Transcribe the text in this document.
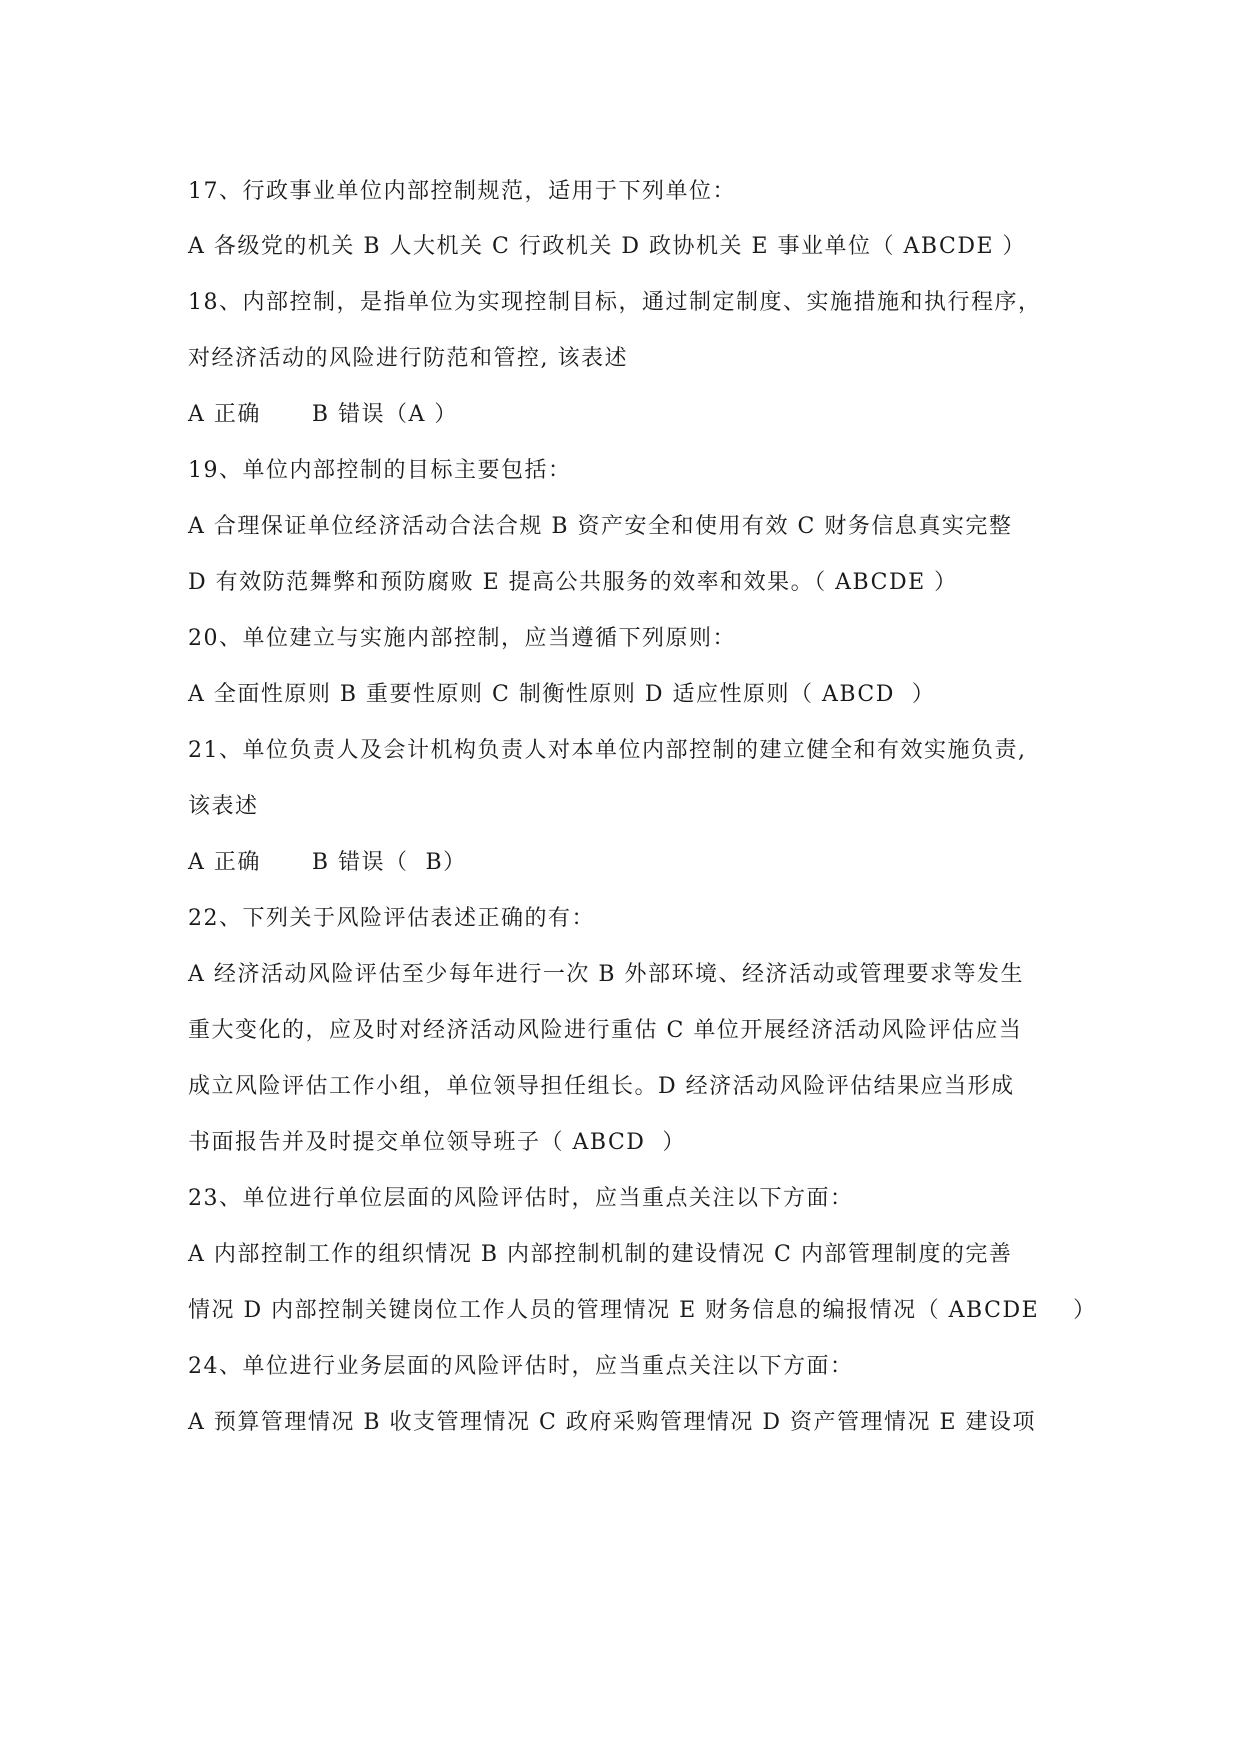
17、行政事业单位内部控制规范，适用于下列单位：
A 各级党的机关 B 人大机关 C 行政机关 D 政协机关 E 事业单位（ ABCDE ）
18、内部控制，是指单位为实现控制目标，通过制定制度、实施措施和执行程序，
对经济活动的风险进行防范和管控, 该表述
A 正确      B 错误（A ）
19、单位内部控制的目标主要包括：
A 合理保证单位经济活动合法合规 B 资产安全和使用有效 C 财务信息真实完整
D 有效防范舞弊和预防腐败 E 提高公共服务的效率和效果。（ ABCDE ）
20、单位建立与实施内部控制，应当遵循下列原则：
A 全面性原则 B 重要性原则 C 制衡性原则 D 适应性原则（ ABCD  ）
21、单位负责人及会计机构负责人对本单位内部控制的建立健全和有效实施负责,
该表述
A 正确      B 错误（  B）
22、下列关于风险评估表述正确的有：
A 经济活动风险评估至少每年进行一次 B 外部环境、经济活动或管理要求等发生
重大变化的，应及时对经济活动风险进行重估 C 单位开展经济活动风险评估应当
成立风险评估工作小组，单位领导担任组长。D 经济活动风险评估结果应当形成
书面报告并及时提交单位领导班子（ ABCD  ）
23、单位进行单位层面的风险评估时，应当重点关注以下方面：
A 内部控制工作的组织情况 B 内部控制机制的建设情况 C 内部管理制度的完善
情况 D 内部控制关键岗位工作人员的管理情况 E 财务信息的编报情况（ ABCDE    ）
24、单位进行业务层面的风险评估时，应当重点关注以下方面：
A 预算管理情况 B 收支管理情况 C 政府采购管理情况 D 资产管理情况 E 建设项
